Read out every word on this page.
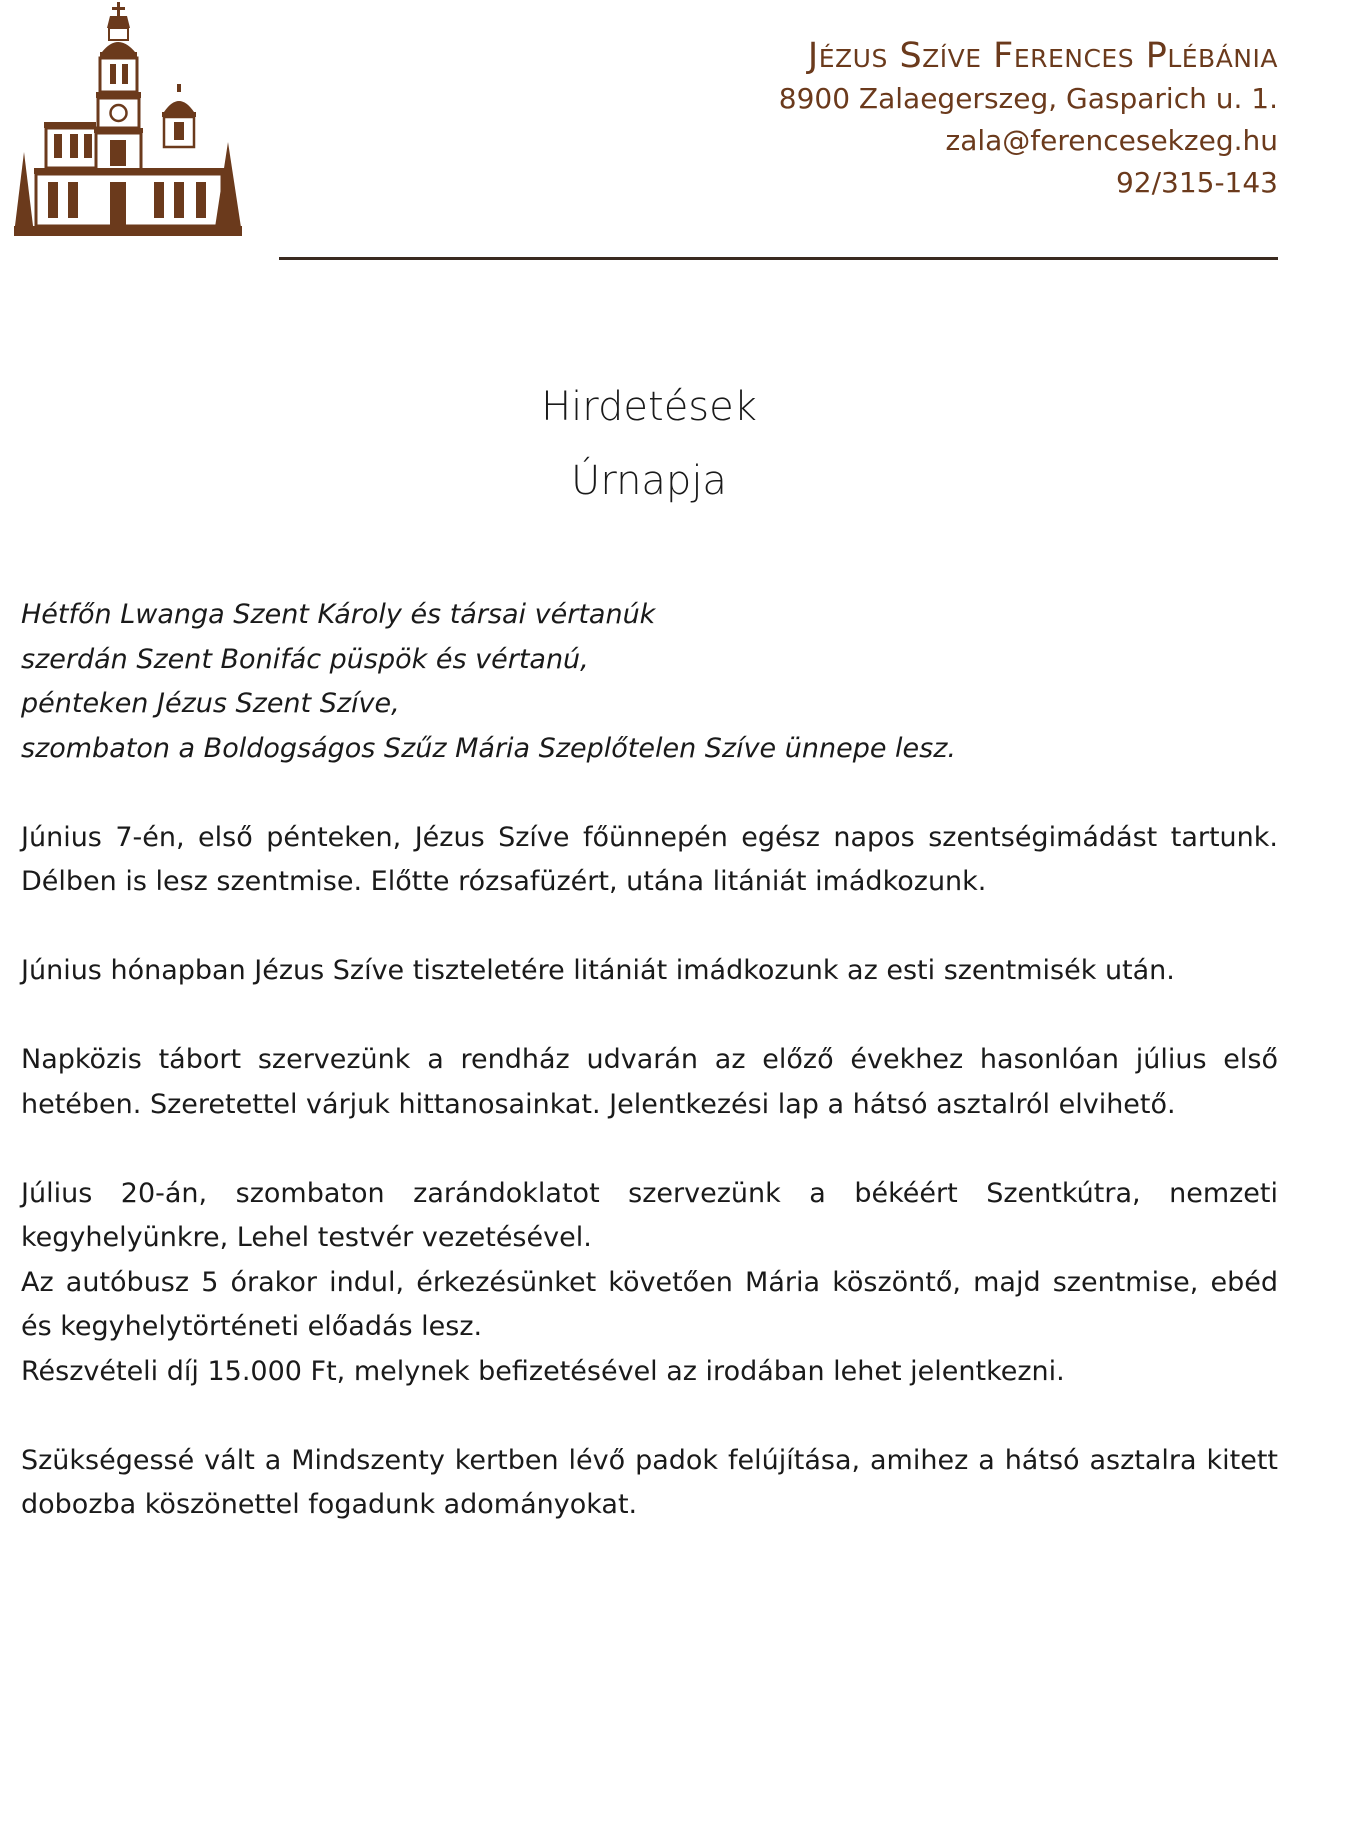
Jézus Szíve Ferences Plébánia
8900 Zalaegerszeg, Gasparich u. 1.
zala@ferencesekzeg.hu
92/315-143
Hirdetések
Úrnapja
Hétfőn Lwanga Szent Károly és társai vértanúk
szerdán Szent Bonifác püspök és vértanú,
pénteken Jézus Szent Szíve,
szombaton a Boldogságos Szűz Mária Szeplőtelen Szíve ünnepe lesz.

Június 7-én, első pénteken, Jézus Szíve főünnepén egész napos szentségimádást tartunk. Délben is lesz szentmise. Előtte rózsafüzért, utána litániát imádkozunk.

Június hónapban Jézus Szíve tiszteletére litániát imádkozunk az esti szentmisék után.

Napközis tábort szervezünk a rendház udvarán az előző évekhez hasonlóan július első hetében. Szeretettel várjuk hittanosainkat. Jelentkezési lap a hátsó asztalról elvihető.

Július 20-án, szombaton zarándoklatot szervezünk a békéért Szentkútra, nemzeti kegyhelyünkre, Lehel testvér vezetésével.
Az autóbusz 5 órakor indul, érkezésünket követően Mária köszöntő, majd szentmise, ebéd és kegyhelytörténeti előadás lesz.
Részvételi díj 15.000 Ft, melynek befizetésével az irodában lehet jelentkezni.

Szükségessé vált a Mindszenty kertben lévő padok felújítása, amihez a hátsó asztalra kitett dobozba köszönettel fogadunk adományokat.
